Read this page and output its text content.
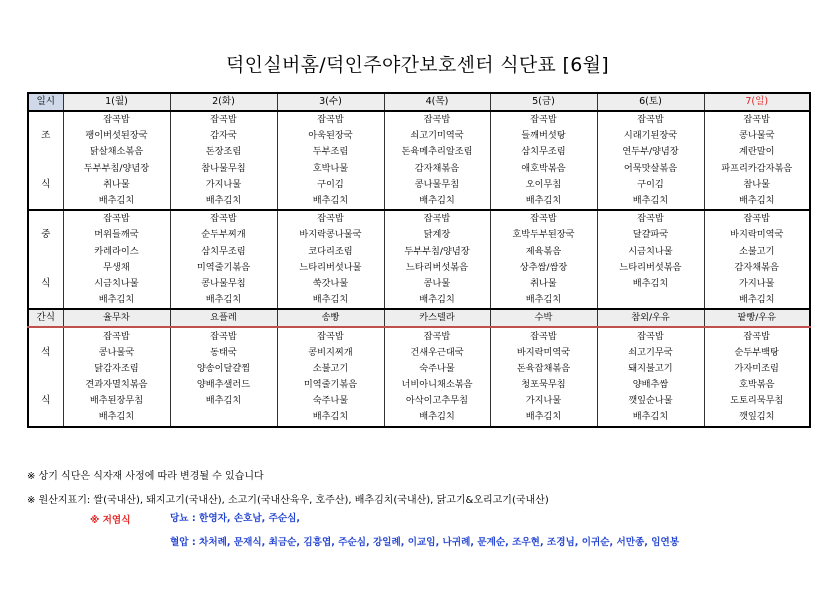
덕인실버홈/덕인주야간보호센터 식단표 [6월]
일시	1(월)	2(화)	3(수)	4(목)	5(금)	6(토)	7(일)
	잡곡밥	잡곡밥	잡곡밥	잡곡밥	잡곡밥	잡곡밥	잡곡밥
조	팽이버섯된장국	감자국	아욱된장국	쇠고기미역국	들깨버섯탕	시래기된장국	콩나물국
	닭살채소볶음	돈장조림	두부조림	돈육메추리알조림	삼치무조림	연두부/양념장	계란말이
	두부부침/양념장	참나물무침	호박나물	감자채볶음	애호박볶음	어묵맛살볶음	파프리카감자볶음
식	취나물	가지나물	구이김	콩나물무침	오이무침	구이김	참나물
	배추김치	배추김치	배추김치	배추김치	배추김치	배추김치	배추김치
	잡곡밥	잡곡밥	잡곡밥	잡곡밥	잡곡밥	잡곡밥	잡곡밥
중	머위들깨국	순두부찌개	바지락콩나물국	닭계장	호박두부된장국	달걀파국	바지락미역국
	카레라이스	삼치무조림	코다리조림	두부부침/양념장	제육볶음	시금치나물	소불고기
	무생채	미역줄기볶음	느타리버섯나물	느타리버섯볶음	상추쌈/쌈장	느타리버섯볶음	감자채볶음
식	시금치나물	콩나물무침	쑥갓나물	콩나물	취나물	배추김치	가지나물
	배추김치	배추김치	배추김치	배추김치	배추김치		배추김치
간식	율무차	요플레	송빵	카스텔라	수박	참외/우유	팥빵/우유
	잡곡밥	잡곡밥	잡곡밥	잡곡밥	잡곡밥	잡곡밥	잡곡밥
석	콩나물국	동태국	콩비지찌개	건새우근대국	바지락미역국	쇠고기무국	순두부백탕
	닭감자조림	양송이달걀찜	소불고기	숙주나물	돈육잡채볶음	돼지불고기	가자미조림
	견과자멸치볶음	양배추샐러드	미역줄기볶음	너비아니채소볶음	청포묵무침	양배추쌈	호박볶음
식	배추된장무침	배추김치	숙주나물	아삭이고추무침	가지나물	깻잎순나물	도토리묵무침
	배추김치		배추김치	배추김치	배추김치	배추김치	깻잎김치
※ 상기 식단은 식자재 사정에 따라 변경될 수 있습니다
※ 원산지표기: 쌀(국내산), 돼지고기(국내산), 소고기(국내산육우, 호주산), 배추김치(국내산), 닭고기&오리고기(국내산)
※ 저염식	당뇨 : 한영자, 손호남, 주순심,
혈압 : 차처례, 문재식, 최금순, 김흥엽, 주순심, 강일례, 이교임, 나귀례, 문계순, 조우현, 조경님, 이귀순, 서만종, 임연봉
